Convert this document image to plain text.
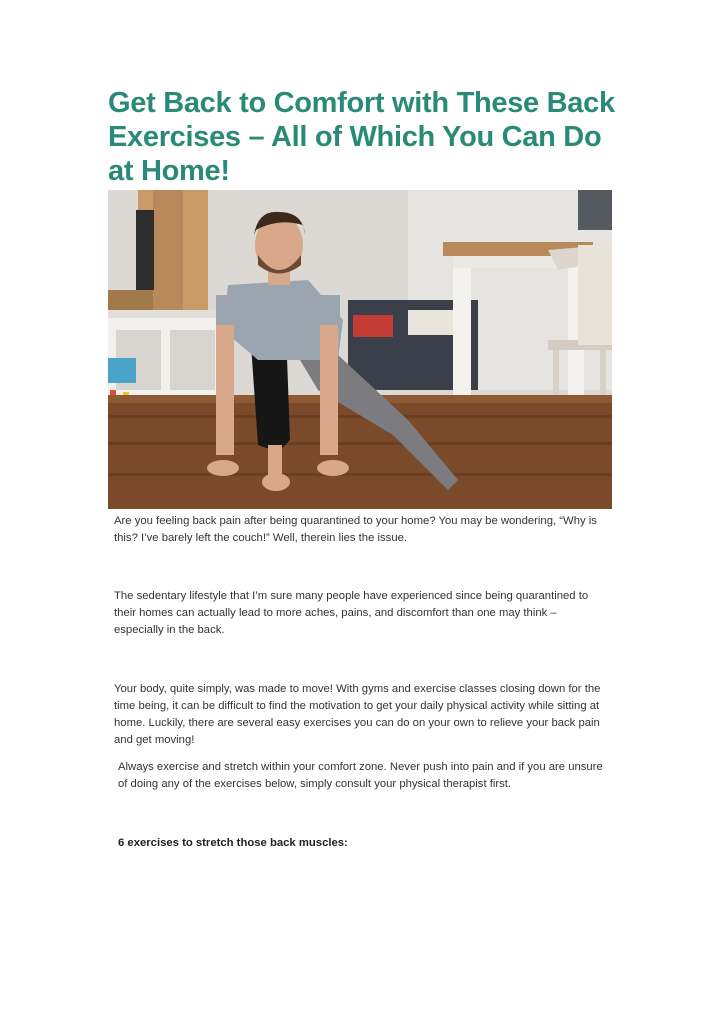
Get Back to Comfort with These Back Exercises – All of Which You Can Do at Home!

Are you feeling back pain after being quarantined to your home? You may be wondering, “Why is this? I’ve barely left the couch!” Well, therein lies the issue.

The sedentary lifestyle that I’m sure many people have experienced since being quarantined to their homes can actually lead to more aches, pains, and discomfort than one may think – especially in the back.

Your body, quite simply, was made to move! With gyms and exercise classes closing down for the time being, it can be difficult to find the motivation to get your daily physical activity while sitting at home. Luckily, there are several easy exercises you can do on your own to relieve your back pain and get moving!

Always exercise and stretch within your comfort zone. Never push into pain and if you are unsure of doing any of the exercises below, simply consult your physical therapist first.

6 exercises to stretch those back muscles:
